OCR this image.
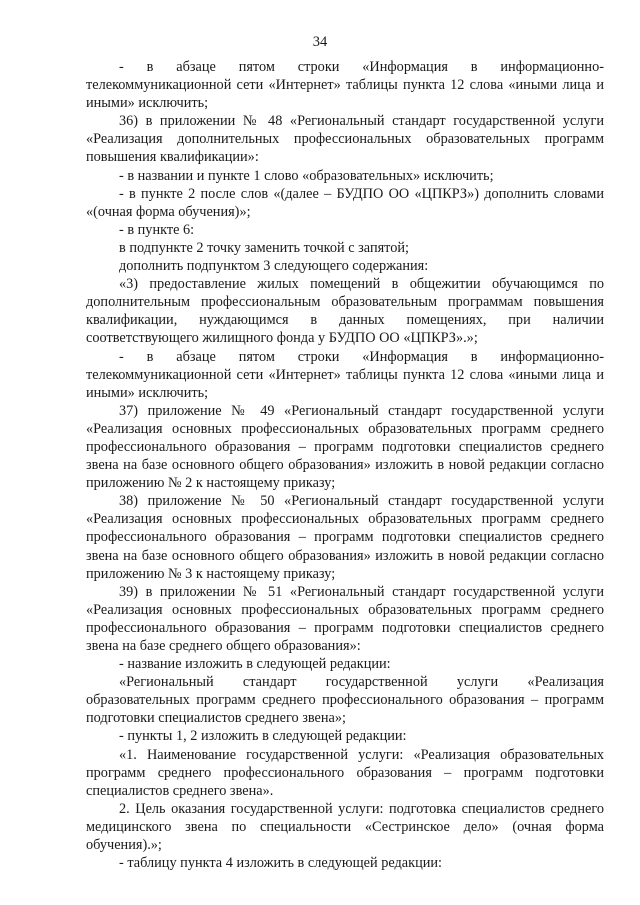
34

- в абзаце пятом строки «Информация в информационно-телекоммуникационной сети «Интернет» таблицы пункта 12 слова «иными лица и иными» исключить;

36) в приложении № 48 «Региональный стандарт государственной услуги «Реализация дополнительных профессиональных образовательных программ повышения квалификации»:

- в названии и пункте 1 слово «образовательных» исключить;

- в пункте 2 после слов «(далее – БУДПО ОО «ЦПКРЗ») дополнить словами «(очная форма обучения)»;

- в пункте 6:

в подпункте 2 точку заменить точкой с запятой;

дополнить подпунктом 3 следующего содержания:

«3) предоставление жилых помещений в общежитии обучающимся по дополнительным профессиональным образовательным программам повышения квалификации, нуждающимся в данных помещениях, при наличии соответствующего жилищного фонда у БУДПО ОО «ЦПКРЗ».»;

- в абзаце пятом строки «Информация в информационно-телекоммуникационной сети «Интернет» таблицы пункта 12 слова «иными лица и иными» исключить;

37) приложение № 49 «Региональный стандарт государственной услуги «Реализация основных профессиональных образовательных программ среднего профессионального образования – программ подготовки специалистов среднего звена на базе основного общего образования» изложить в новой редакции согласно приложению № 2 к настоящему приказу;

38) приложение № 50 «Региональный стандарт государственной услуги «Реализация основных профессиональных образовательных программ среднего профессионального образования – программ подготовки специалистов среднего звена на базе основного общего образования» изложить в новой редакции согласно приложению № 3 к настоящему приказу;

39) в приложении № 51 «Региональный стандарт государственной услуги «Реализация основных профессиональных образовательных программ среднего профессионального образования – программ подготовки специалистов среднего звена на базе среднего общего образования»:

- название изложить в следующей редакции:

«Региональный стандарт государственной услуги «Реализация образовательных программ среднего профессионального образования – программ подготовки специалистов среднего звена»;

- пункты 1, 2 изложить в следующей редакции:

«1. Наименование государственной услуги: «Реализация образовательных программ среднего профессионального образования – программ подготовки специалистов среднего звена».

2. Цель оказания государственной услуги: подготовка специалистов среднего медицинского звена по специальности «Сестринское дело» (очная форма обучения).»;

- таблицу пункта 4 изложить в следующей редакции:
